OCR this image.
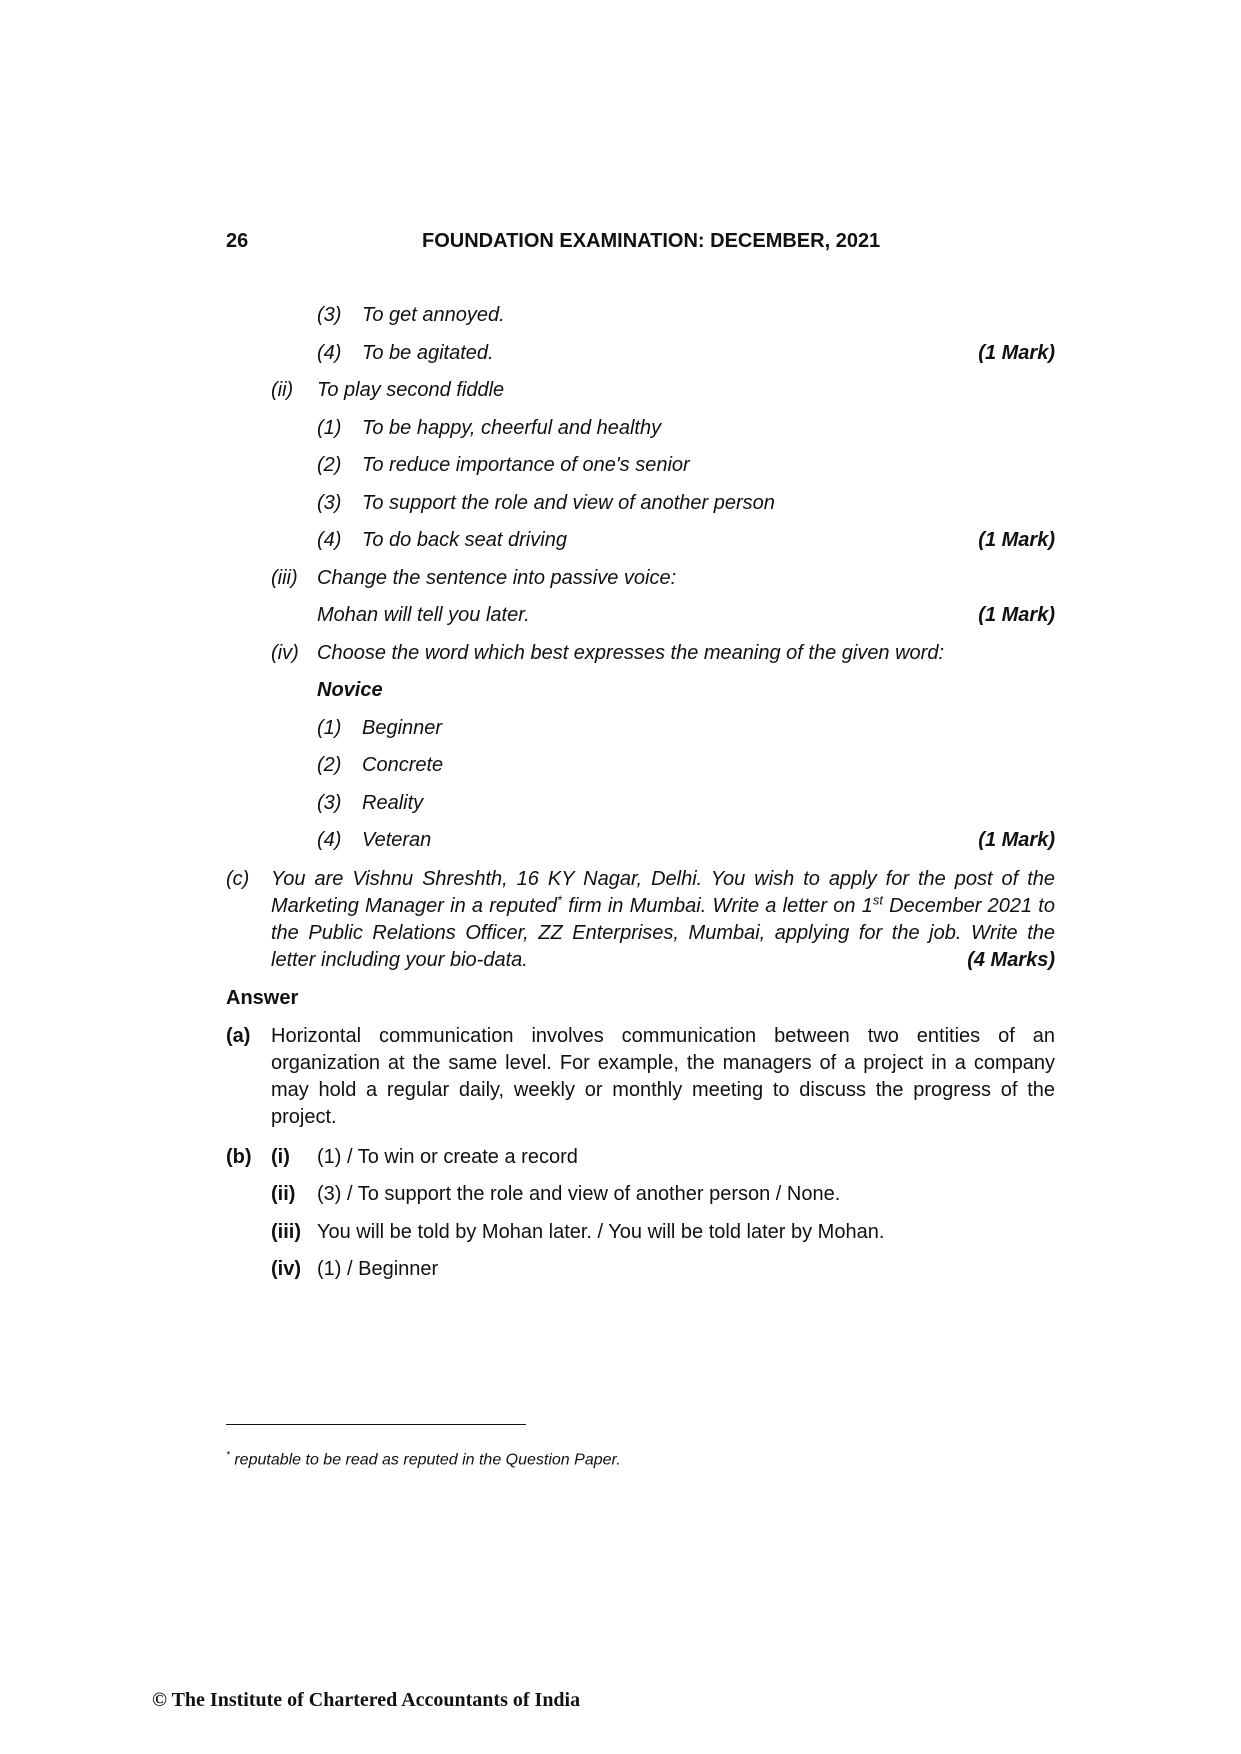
26	FOUNDATION EXAMINATION: DECEMBER, 2021
(3) To get annoyed.
(4) To be agitated.	(1 Mark)
(ii) To play second fiddle
(1) To be happy, cheerful and healthy
(2) To reduce importance of one's senior
(3) To support the role and view of another person
(4) To do back seat driving	(1 Mark)
(iii) Change the sentence into passive voice:
Mohan will tell you later.	(1 Mark)
(iv) Choose the word which best expresses the meaning of the given word:
Novice
(1) Beginner
(2) Concrete
(3) Reality
(4) Veteran	(1 Mark)
(c) You are Vishnu Shreshth, 16 KY Nagar, Delhi. You wish to apply for the post of the Marketing Manager in a reputed* firm in Mumbai. Write a letter on 1st December 2021 to the Public Relations Officer, ZZ Enterprises, Mumbai, applying for the job. Write the letter including your bio-data.	(4 Marks)
Answer
(a) Horizontal communication involves communication between two entities of an organization at the same level. For example, the managers of a project in a company may hold a regular daily, weekly or monthly meeting to discuss the progress of the project.
(b) (i) (1) / To win or create a record
(ii) (3) / To support the role and view of another person / None.
(iii) You will be told by Mohan later. / You will be told later by Mohan.
(iv) (1) / Beginner
* reputable to be read as reputed in the Question Paper.
© The Institute of Chartered Accountants of India
